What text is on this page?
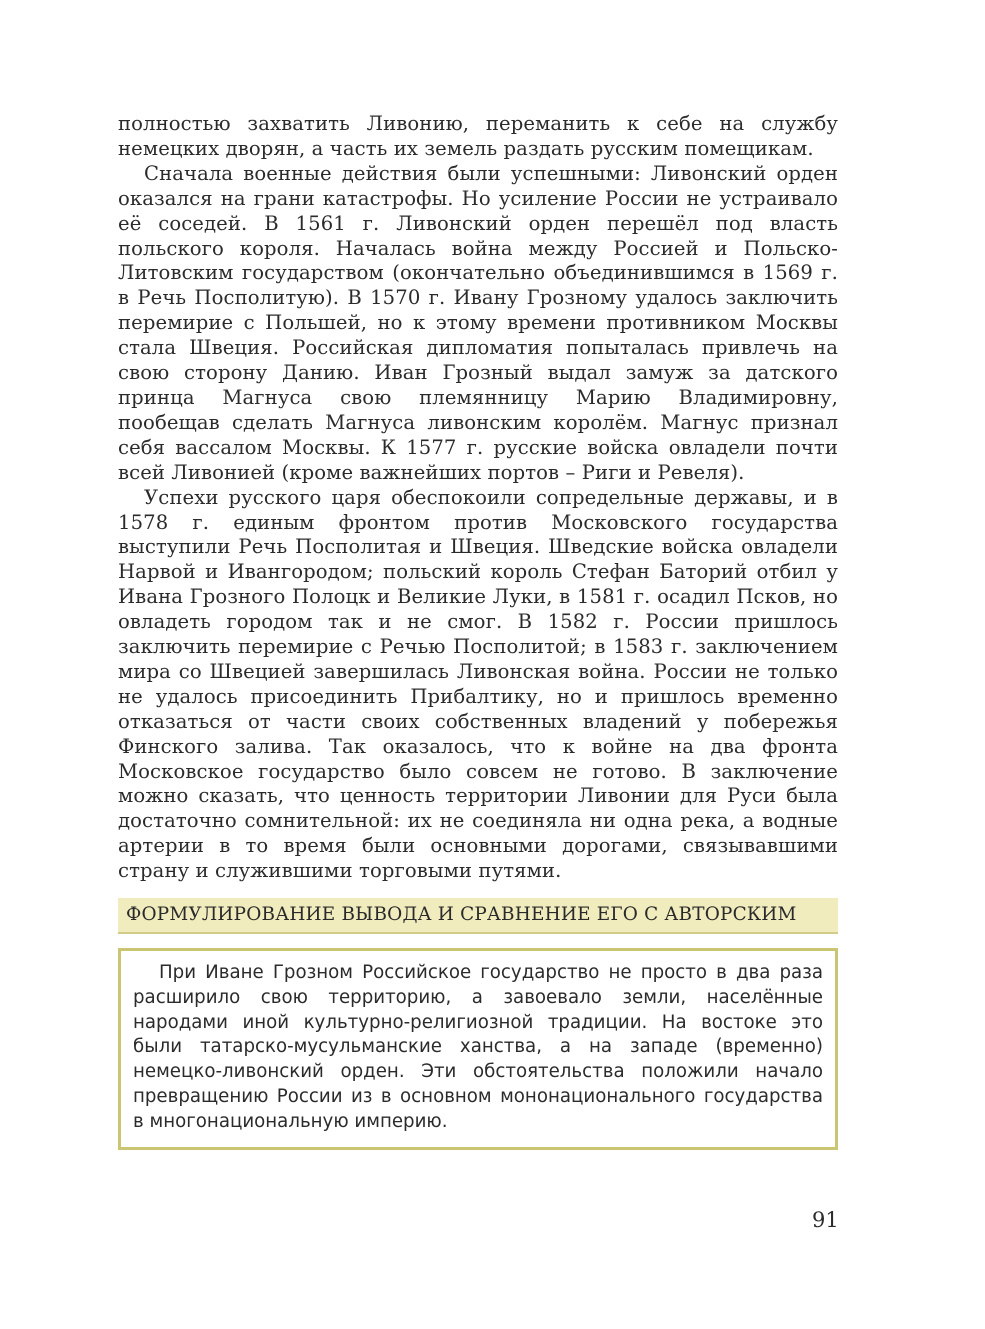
полностью захватить Ливонию, переманить к себе на службу немецких дворян, а часть их земель раздать русским помещикам.

Сначала военные действия были успешными: Ливонский орден оказался на грани катастрофы. Но усиление России не устраивало её соседей. В 1561 г. Ливонский орден перешёл под власть польского короля. Началась война между Россией и Польско-Литовским государством (окончательно объединившимся в 1569 г. в Речь Посполитую). В 1570 г. Ивану Грозному удалось заключить перемирие с Польшей, но к этому времени противником Москвы стала Швеция. Российская дипломатия попыталась привлечь на свою сторону Данию. Иван Грозный выдал замуж за датского принца Магнуса свою племянницу Марию Владимировну, пообещав сделать Магнуса ливонским королём. Магнус признал себя вассалом Москвы. К 1577 г. русские войска овладели почти всей Ливонией (кроме важнейших портов – Риги и Ревеля).

Успехи русского царя обеспокоили сопредельные державы, и в 1578 г. единым фронтом против Московского государства выступили Речь Посполитая и Швеция. Шведские войска овладели Нарвой и Ивангородом; польский король Стефан Баторий отбил у Ивана Грозного Полоцк и Великие Луки, в 1581 г. осадил Псков, но овладеть городом так и не смог. В 1582 г. России пришлось заключить перемирие с Речью Посполитой; в 1583 г. заключением мира со Швецией завершилась Ливонская война. России не только не удалось присоединить Прибалтику, но и пришлось временно отказаться от части своих собственных владений у побережья Финского залива. Так оказалось, что к войне на два фронта Московское государство было совсем не готово. В заключение можно сказать, что ценность территории Ливонии для Руси была достаточно сомнительной: их не соединяла ни одна река, а водные артерии в то время были основными дорогами, связывавшими страну и служившими торговыми путями.

ФОРМУЛИРОВАНИЕ ВЫВОДА И СРАВНЕНИЕ ЕГО С АВТОРСКИМ

При Иване Грозном Российское государство не просто в два раза расширило свою территорию, а завоевало земли, населённые народами иной культурно-религиозной традиции. На востоке это были татарско-мусульманские ханства, а на западе (временно) немецко-ливонский орден. Эти обстоятельства положили начало превращению России из в основном мононационального государства в многонациональную империю.

91
